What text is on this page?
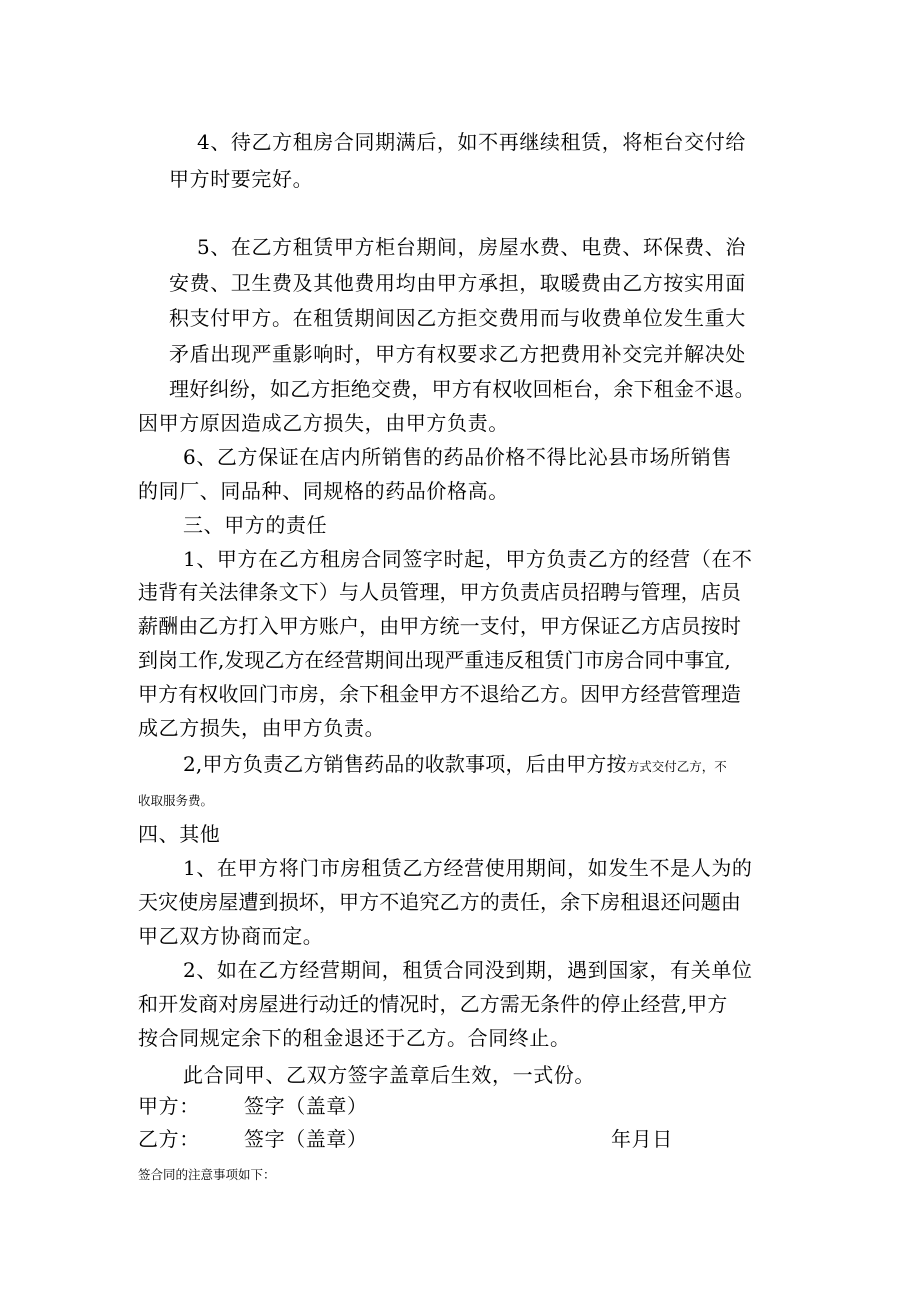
4、待乙方租房合同期满后，如不再继续租赁，将柜台交付给
甲方时要完好。
5、在乙方租赁甲方柜台期间，房屋水费、电费、环保费、治
安费、卫生费及其他费用均由甲方承担，取暖费由乙方按实用面
积支付甲方。在租赁期间因乙方拒交费用而与收费单位发生重大
矛盾出现严重影响时，甲方有权要求乙方把费用补交完并解决处
理好纠纷，如乙方拒绝交费，甲方有权收回柜台，余下租金不退。
因甲方原因造成乙方损失，由甲方负责。
6、乙方保证在店内所销售的药品价格不得比沁县市场所销售
的同厂、同品种、同规格的药品价格高。
三、甲方的责任
1、甲方在乙方租房合同签字时起，甲方负责乙方的经营（在不
违背有关法律条文下）与人员管理，甲方负责店员招聘与管理，店员
薪酬由乙方打入甲方账户，由甲方统一支付，甲方保证乙方店员按时
到岗工作,发现乙方在经营期间出现严重违反租赁门市房合同中事宜,
甲方有权收回门市房，余下租金甲方不退给乙方。因甲方经营管理造
成乙方损失，由甲方负责。
2,甲方负责乙方销售药品的收款事项，后由甲方按方式交付乙方，不
收取服务费。
四、其他
1、在甲方将门市房租赁乙方经营使用期间，如发生不是人为的
天灾使房屋遭到损坏，甲方不追究乙方的责任，余下房租退还问题由
甲乙双方协商而定。
2、如在乙方经营期间，租赁合同没到期，遇到国家，有关单位
和开发商对房屋进行动迁的情况时，乙方需无条件的停止经营,甲方
按合同规定余下的租金退还于乙方。合同终止。
此合同甲、乙双方签字盖章后生效，一式份。
甲方： 签字（盖章）
乙方： 签字（盖章）	年月日
签合同的注意事项如下：
